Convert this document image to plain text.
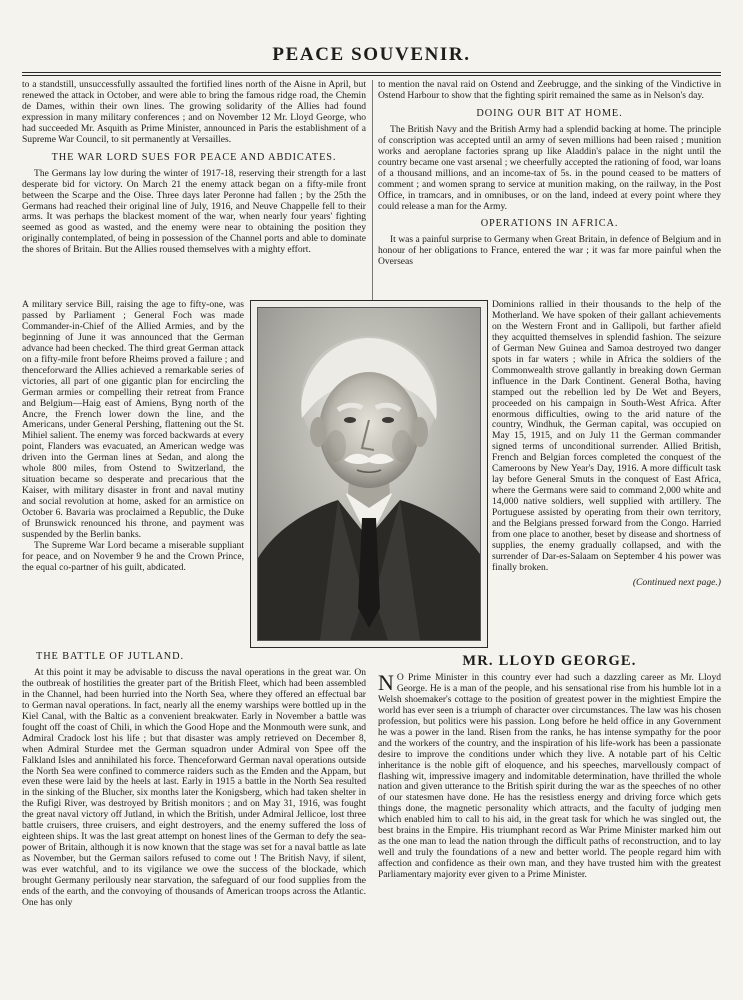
PEACE SOUVENIR.

to a standstill, unsuccessfully assaulted the fortified lines north of the Aisne in April, but renewed the attack in October, and were able to bring the famous ridge road, the Chemin de Dames, within their own lines. The growing solidarity of the Allies had found expression in many military conferences ; and on November 12 Mr. Lloyd George, who had succeeded Mr. Asquith as Prime Minister, announced in Paris the establishment of a Supreme War Council, to sit permanently at Versailles.

THE WAR LORD SUES FOR PEACE AND ABDICATES.

The Germans lay low during the winter of 1917-18, reserving their strength for a last desperate bid for victory. On March 21 the enemy attack began on a fifty-mile front between the Scarpe and the Oise. Three days later Peronne had fallen ; by the 25th the Germans had reached their original line of July, 1916, and Neuve Chappelle fell to their arms. It was perhaps the blackest moment of the war, when nearly four years' fighting seemed as good as wasted, and the enemy were near to obtaining the position they originally contemplated, of being in possession of the Channel ports and able to dominate the shores of Britain. But the Allies roused themselves with a mighty effort.

A military service Bill, raising the age to fifty-one, was passed by Parliament ; General Foch was made Commander-in-Chief of the Allied Armies, and by the beginning of June it was announced that the German advance had been checked. The third great German attack on a fifty-mile front before Rheims proved a failure ; and thenceforward the Allies achieved a remarkable series of victories, all part of one gigantic plan for encircling the German armies or compelling their retreat from France and Belgium—Haig east of Amiens, Byng north of the Ancre, the French lower down the line, and the Americans, under General Pershing, flattening out the St. Mihiel salient. The enemy was forced backwards at every point, Flanders was evacuated, an American wedge was driven into the German lines at Sedan, and along the whole 800 miles, from Ostend to Switzerland, the situation became so desperate and precarious that the Kaiser, with military disaster in front and naval mutiny and social revolution at home, asked for an armistice on October 6. Bavaria was proclaimed a Republic, the Duke of Brunswick renounced his throne, and payment was suspended by the Berlin banks.

The Supreme War Lord became a miserable suppliant for peace, and on November 9 he and the Crown Prince, the equal co-partner of his guilt, abdicated.

THE BATTLE OF JUTLAND.

At this point it may be advisable to discuss the naval operations in the great war. On the outbreak of hostilities the greater part of the British Fleet, which had been assembled in the Channel, had been hurried into the North Sea, where they offered an effectual bar to German naval operations. In fact, nearly all the enemy warships were bottled up in the Kiel Canal, with the Baltic as a convenient breakwater. Early in November a battle was fought off the coast of Chili, in which the Good Hope and the Monmouth were sunk, and Admiral Cradock lost his life ; but that disaster was amply retrieved on December 8, when Admiral Sturdee met the German squadron under Admiral von Spee off the Falkland Isles and annihilated his force. Thenceforward German naval operations outside the North Sea were confined to commerce raiders such as the Emden and the Appam, but even these were laid by the heels at last. Early in 1915 a battle in the North Sea resulted in the sinking of the Blucher, six months later the Konigsberg, which had taken shelter in the Rufigi River, was destroyed by British monitors ; and on May 31, 1916, was fought the great naval victory off Jutland, in which the British, under Admiral Jellicoe, lost three battle cruisers, three cruisers, and eight destroyers, and the enemy suffered the loss of eighteen ships. It was the last great attempt on honest lines of the German to defy the sea-power of Britain, although it is now known that the stage was set for a naval battle as late as November, but the German sailors refused to come out ! The British Navy, if silent, was ever watchful, and to its vigilance we owe the success of the blockade, which brought Germany perilously near starvation, the safeguard of our food supplies from the ends of the earth, and the convoying of thousands of American troops across the Atlantic. One has only

to mention the naval raid on Ostend and Zeebrugge, and the sinking of the Vindictive in Ostend Harbour to show that the fighting spirit remained the same as in Nelson's day.

DOING OUR BIT AT HOME.

The British Navy and the British Army had a splendid backing at home. The principle of conscription was accepted until an army of seven millions had been raised ; munition works and aeroplane factories sprang up like Aladdin's palace in the night until the country became one vast arsenal ; we cheerfully accepted the rationing of food, war loans of a thousand millions, and an income-tax of 5s. in the pound ceased to be matters of comment ; and women sprang to service at munition making, on the railway, in the Post Office, in tramcars, and in omnibuses, or on the land, indeed at every point where they could release a man for the Army.

OPERATIONS IN AFRICA.

It was a painful surprise to Germany when Great Britain, in defence of Belgium and in honour of her obligations to France, entered the war ; it was far more painful when the Overseas

Dominions rallied in their thousands to the help of the Motherland. We have spoken of their gallant achievements on the Western Front and in Gallipoli, but farther afield they acquitted themselves in splendid fashion. The seizure of German New Guinea and Samoa destroyed two danger spots in far waters ; while in Africa the soldiers of the Commonwealth strove gallantly in breaking down German influence in the Dark Continent. General Botha, having stamped out the rebellion led by De Wet and Beyers, proceeded on his campaign in South-West Africa. After enormous difficulties, owing to the arid nature of the country, Windhuk, the German capital, was occupied on May 15, 1915, and on July 11 the German commander signed terms of unconditional surrender. Allied British, French and Belgian forces completed the conquest of the Cameroons by New Year's Day, 1916. A more difficult task lay before General Smuts in the conquest of East Africa, where the Germans were said to command 2,000 white and 14,000 native soldiers, well supplied with artillery. The Portuguese assisted by operating from their own territory, and the Belgians pressed forward from the Congo. Harried from one place to another, beset by disease and shortness of supplies, the enemy gradually collapsed, and with the surrender of Dar-es-Salaam on September 4 his power was finally broken.

(Continued next page.)
MR. LLOYD GEORGE.

N O Prime Minister in this country ever had such a dazzling career as Mr. Lloyd George. He is a man of the people, and his sensational rise from his humble lot in a Welsh shoemaker's cottage to the position of greatest power in the mightiest Empire the world has ever seen is a triumph of character over circumstances. The law was his chosen profession, but politics were his passion. Long before he held office in any Government he was a power in the land. Risen from the ranks, he has intense sympathy for the poor and the workers of the country, and the inspiration of his life-work has been a passionate desire to improve the conditions under which they live. A notable part of his Celtic inheritance is the noble gift of eloquence, and his speeches, marvellously compact of flashing wit, impressive imagery and indomitable determination, have thrilled the whole nation and given utterance to the British spirit during the war as the speeches of no other of our statesmen have done. He has the resistless energy and driving force which gets things done, the magnetic personality which attracts, and the faculty of judging men which enabled him to call to his aid, in the great task for which he was singled out, the best brains in the Empire. His triumphant record as War Prime Minister marked him out as the one man to lead the nation through the difficult paths of reconstruction, and to lay well and truly the foundations of a new and better world. The people regard him with affection and confidence as their own man, and they have trusted him with the greatest Parliamentary majority ever given to a Prime Minister.
